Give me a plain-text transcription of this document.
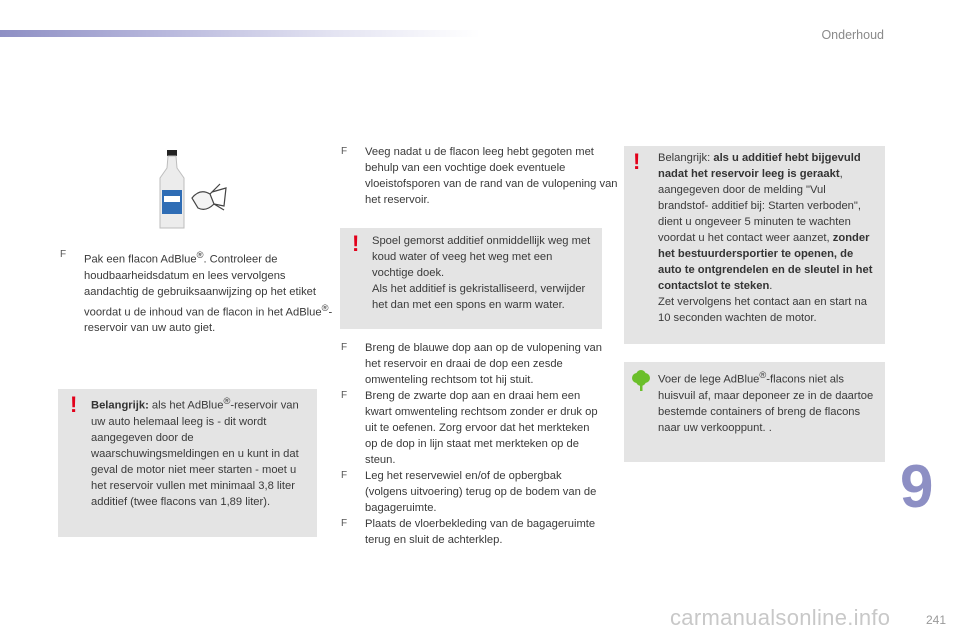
Onderhoud
F Pak een flacon AdBlue®. Controleer de houdbaarheidsdatum en lees vervolgens aandachtig de gebruiksaanwijzing op het etiket voordat u de inhoud van de flacon in het AdBlue®-reservoir van uw auto giet.
! Belangrijk: als het AdBlue®-reservoir van uw auto helemaal leeg is - dit wordt aangegeven door de waarschuwingsmeldingen en u kunt in dat geval de motor niet meer starten - moet u het reservoir vullen met minimaal 3,8 liter additief (twee flacons van 1,89 liter).
F Veeg nadat u de flacon leeg hebt gegoten met behulp van een vochtige doek eventuele vloeistofsporen van de rand van de vulopening van het reservoir.
! Spoel gemorst additief onmiddellijk weg met koud water of veeg het weg met een vochtige doek.
Als het additief is gekristalliseerd, verwijder het dan met een spons en warm water.
F Breng de blauwe dop aan op de vulopening van het reservoir en draai de dop een zesde omwenteling rechtsom tot hij stuit.
F Breng de zwarte dop aan en draai hem een kwart omwenteling rechtsom zonder er druk op uit te oefenen. Zorg ervoor dat het merkteken op de dop in lijn staat met merkteken op de steun.
F Leg het reservewiel en/of de opbergbak (volgens uitvoering) terug op de bodem van de bagageruimte.
F Plaats de vloerbekleding van de bagageruimte terug en sluit de achterklep.
! Belangrijk: als u additief hebt bijgevuld nadat het reservoir leeg is geraakt, aangegeven door de melding "Vul brandstof- additief bij: Starten verboden", dient u ongeveer 5 minuten te wachten voordat u het contact weer aanzet, zonder het bestuurdersportier te openen, de auto te ontgrendelen en de sleutel in het contactslot te steken.
Zet vervolgens het contact aan en start na 10 seconden wachten de motor.
Voer de lege AdBlue®-flacons niet als huisvuil af, maar deponeer ze in de daartoe bestemde containers of breng de flacons naar uw verkooppunt. .
9
241
carmanualsonline.info
